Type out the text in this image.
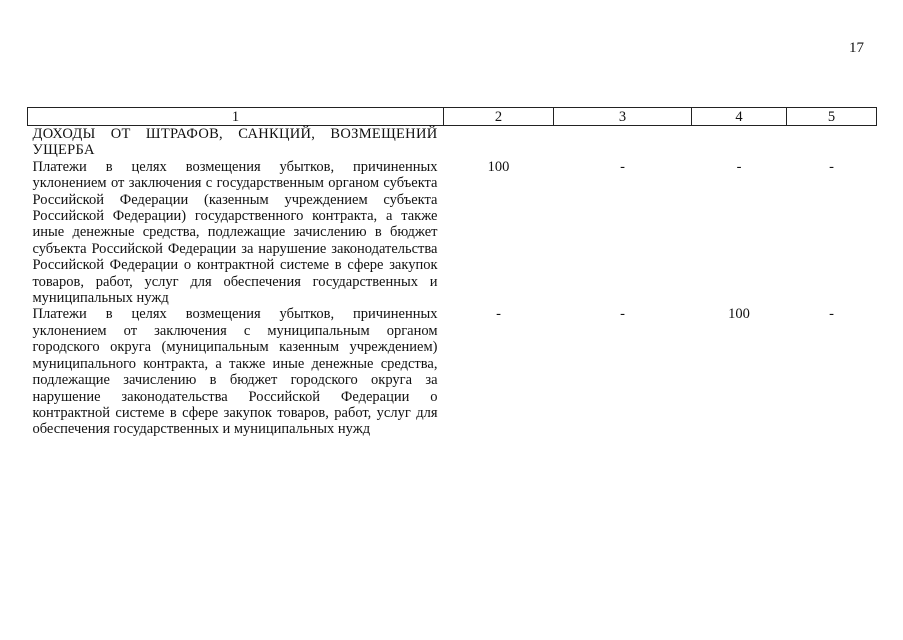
17
1	2	3	4	5
ДОХОДЫ ОТ ШТРАФОВ, САНКЦИЙ, ВОЗМЕЩЕНИЙ УЩЕРБА				
Платежи в целях возмещения убытков, причиненных уклонением от заключения с государственным органом субъекта Российской Федерации (казенным учреждением субъекта Российской Федерации) государственного контракта, а также иные денежные средства, подлежащие зачислению в бюджет субъекта Российской Федерации за нарушение законодательства Российской Федерации о контрактной системе в сфере закупок товаров, работ, услуг для обеспечения государственных и муниципальных нужд	100	-	-	-
Платежи в целях возмещения убытков, причиненных уклонением от заключения с муниципальным органом городского округа (муниципальным казенным учреждением) муниципального контракта, а также иные денежные средства, подлежащие зачислению в бюджет городского округа за нарушение законодательства Российской Федерации о контрактной системе в сфере закупок товаров, работ, услуг для обеспечения государственных и муниципальных нужд	-	-	100	-
